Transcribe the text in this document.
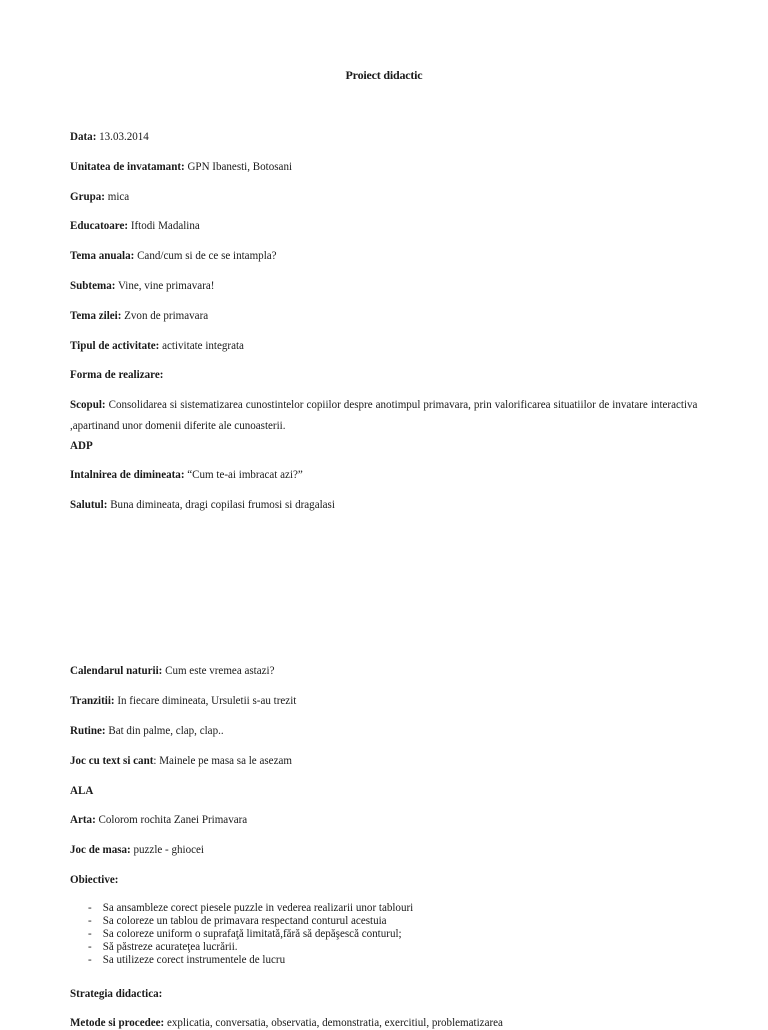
Proiect didactic
Data: 13.03.2014
Unitatea de invatamant: GPN Ibanesti, Botosani
Grupa: mica
Educatoare: Iftodi Madalina
Tema anuala: Cand/cum si de ce se intampla?
Subtema: Vine, vine primavara!
Tema zilei: Zvon de primavara
Tipul de activitate: activitate integrata
Forma de realizare:
Scopul: Consolidarea si sistematizarea cunostintelor copiilor despre anotimpul primavara, prin valorificarea situatiilor de invatare interactiva ,apartinand unor domenii diferite ale cunoasterii.
ADP
Intalnirea de dimineata: “Cum te-ai imbracat azi?”
Salutul: Buna dimineata, dragi copilasi frumosi si dragalasi
Calendarul naturii: Cum este vremea astazi?
Tranzitii: In fiecare dimineata, Ursuletii s-au trezit
Rutine: Bat din palme, clap, clap..
Joc cu text si cant: Mainele pe masa sa le asezam
ALA
Arta: Colorom rochita Zanei Primavara
Joc de masa: puzzle - ghiocei
Obiective:
- Sa ansambleze corect piesele puzzle in vederea realizarii unor tablouri
- Sa coloreze un tablou de primavara respectand conturul acestuia
- Sa coloreze uniform o suprafaţă limitată,fără să depăşescă conturul;
- Să păstreze acurateţea lucrării.
- Sa utilizeze corect instrumentele de lucru
Strategia didactica:
Metode si procedee: explicatia, conversatia, observatia, demonstratia, exercitiul, problematizarea
